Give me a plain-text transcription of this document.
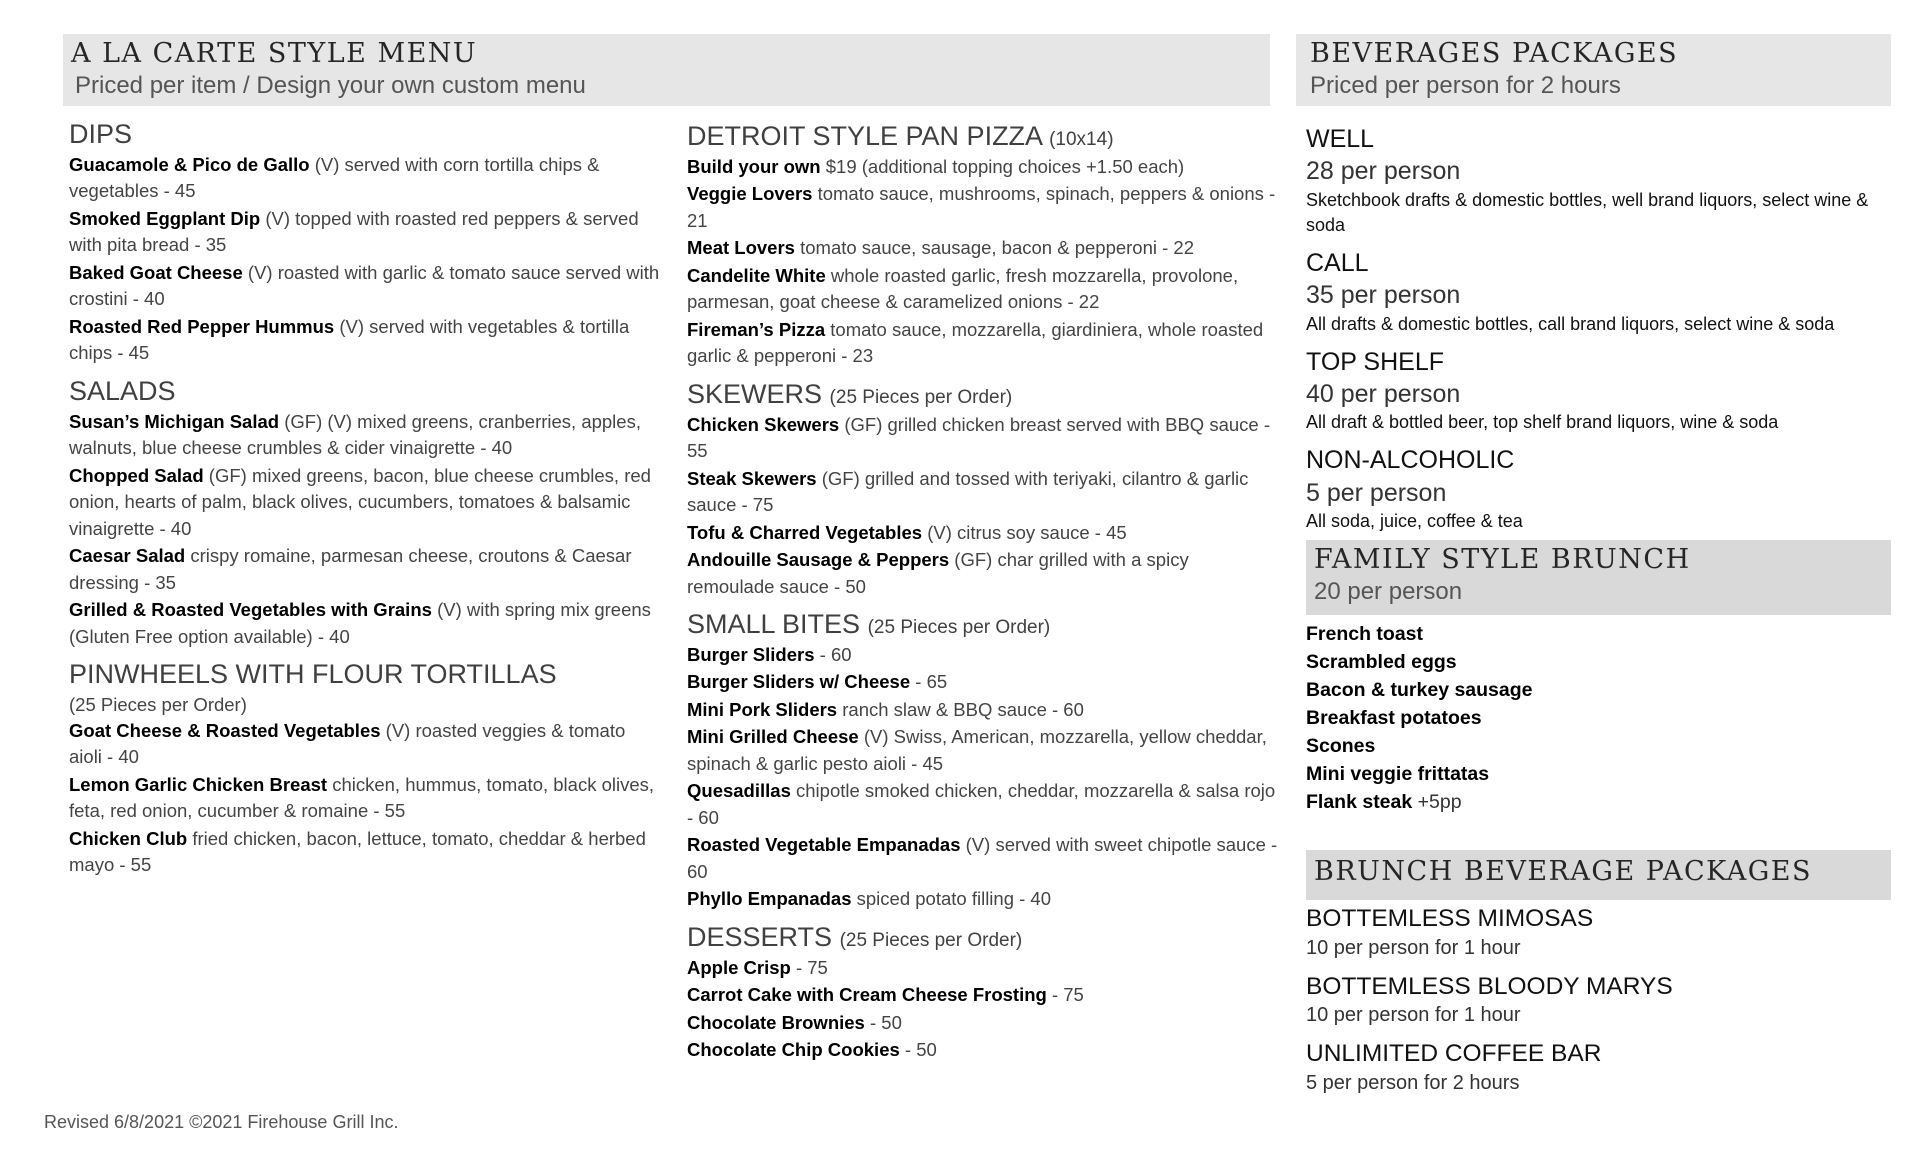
A LA CARTE STYLE MENU
Priced per item / Design your own custom menu
BEVERAGES PACKAGES
Priced per person for 2 hours
DIPS
Guacamole & Pico de Gallo (V) served with corn tortilla chips & vegetables - 45
Smoked Eggplant Dip (V) topped with roasted red peppers & served with pita bread - 35
Baked Goat Cheese (V) roasted with garlic & tomato sauce served with crostini - 40
Roasted Red Pepper Hummus (V) served with vegetables & tortilla chips - 45
SALADS
Susan’s Michigan Salad (GF) (V) mixed greens, cranberries, apples, walnuts, blue cheese crumbles & cider vinaigrette - 40
Chopped Salad (GF) mixed greens, bacon, blue cheese crumbles, red onion, hearts of palm, black olives, cucumbers, tomatoes & balsamic vinaigrette - 40
Caesar Salad crispy romaine, parmesan cheese, croutons & Caesar dressing - 35
Grilled & Roasted Vegetables with Grains (V) with spring mix greens (Gluten Free option available) - 40
PINWHEELS WITH FLOUR TORTILLAS
(25 Pieces per Order)
Goat Cheese & Roasted Vegetables (V) roasted veggies & tomato aioli - 40
Lemon Garlic Chicken Breast chicken, hummus, tomato, black olives, feta, red onion, cucumber & romaine - 55
Chicken Club fried chicken, bacon, lettuce, tomato, cheddar & herbed mayo - 55
DETROIT STYLE PAN PIZZA (10x14)
Build your own $19 (additional topping choices +1.50 each)
Veggie Lovers tomato sauce, mushrooms, spinach, peppers & onions - 21
Meat Lovers tomato sauce, sausage, bacon & pepperoni - 22
Candelite White whole roasted garlic, fresh mozzarella, provolone, parmesan, goat cheese & caramelized onions - 22
Fireman’s Pizza tomato sauce, mozzarella, giardiniera, whole roasted garlic & pepperoni - 23
SKEWERS (25 Pieces per Order)
Chicken Skewers (GF) grilled chicken breast served with BBQ sauce - 55
Steak Skewers (GF) grilled and tossed with teriyaki, cilantro & garlic sauce - 75
Tofu & Charred Vegetables (V) citrus soy sauce - 45
Andouille Sausage & Peppers (GF) char grilled with a spicy remoulade sauce - 50
SMALL BITES (25 Pieces per Order)
Burger Sliders - 60
Burger Sliders w/ Cheese - 65
Mini Pork Sliders ranch slaw & BBQ sauce - 60
Mini Grilled Cheese (V) Swiss, American, mozzarella, yellow cheddar, spinach & garlic pesto aioli - 45
Quesadillas chipotle smoked chicken, cheddar, mozzarella & salsa rojo - 60
Roasted Vegetable Empanadas (V) served with sweet chipotle sauce - 60
Phyllo Empanadas spiced potato filling - 40
DESSERTS (25 Pieces per Order)
Apple Crisp - 75
Carrot Cake with Cream Cheese Frosting - 75
Chocolate Brownies - 50
Chocolate Chip Cookies - 50
WELL
28 per person
Sketchbook drafts & domestic bottles, well brand liquors, select wine & soda
CALL
35 per person
All drafts & domestic bottles, call brand liquors, select wine & soda
TOP SHELF
40 per person
All draft & bottled beer, top shelf brand liquors, wine & soda
NON-ALCOHOLIC
5 per person
All soda, juice, coffee & tea
FAMILY STYLE BRUNCH
20 per person
French toast
Scrambled eggs
Bacon & turkey sausage
Breakfast potatoes
Scones
Mini veggie frittatas
Flank steak +5pp
BRUNCH BEVERAGE PACKAGES
BOTTEMLESS MIMOSAS
10 per person for 1 hour
BOTTEMLESS BLOODY MARYS
10 per person for 1 hour
UNLIMITED COFFEE BAR
5 per person for 2 hours
Revised 6/8/2021 ©2021 Firehouse Grill Inc.
